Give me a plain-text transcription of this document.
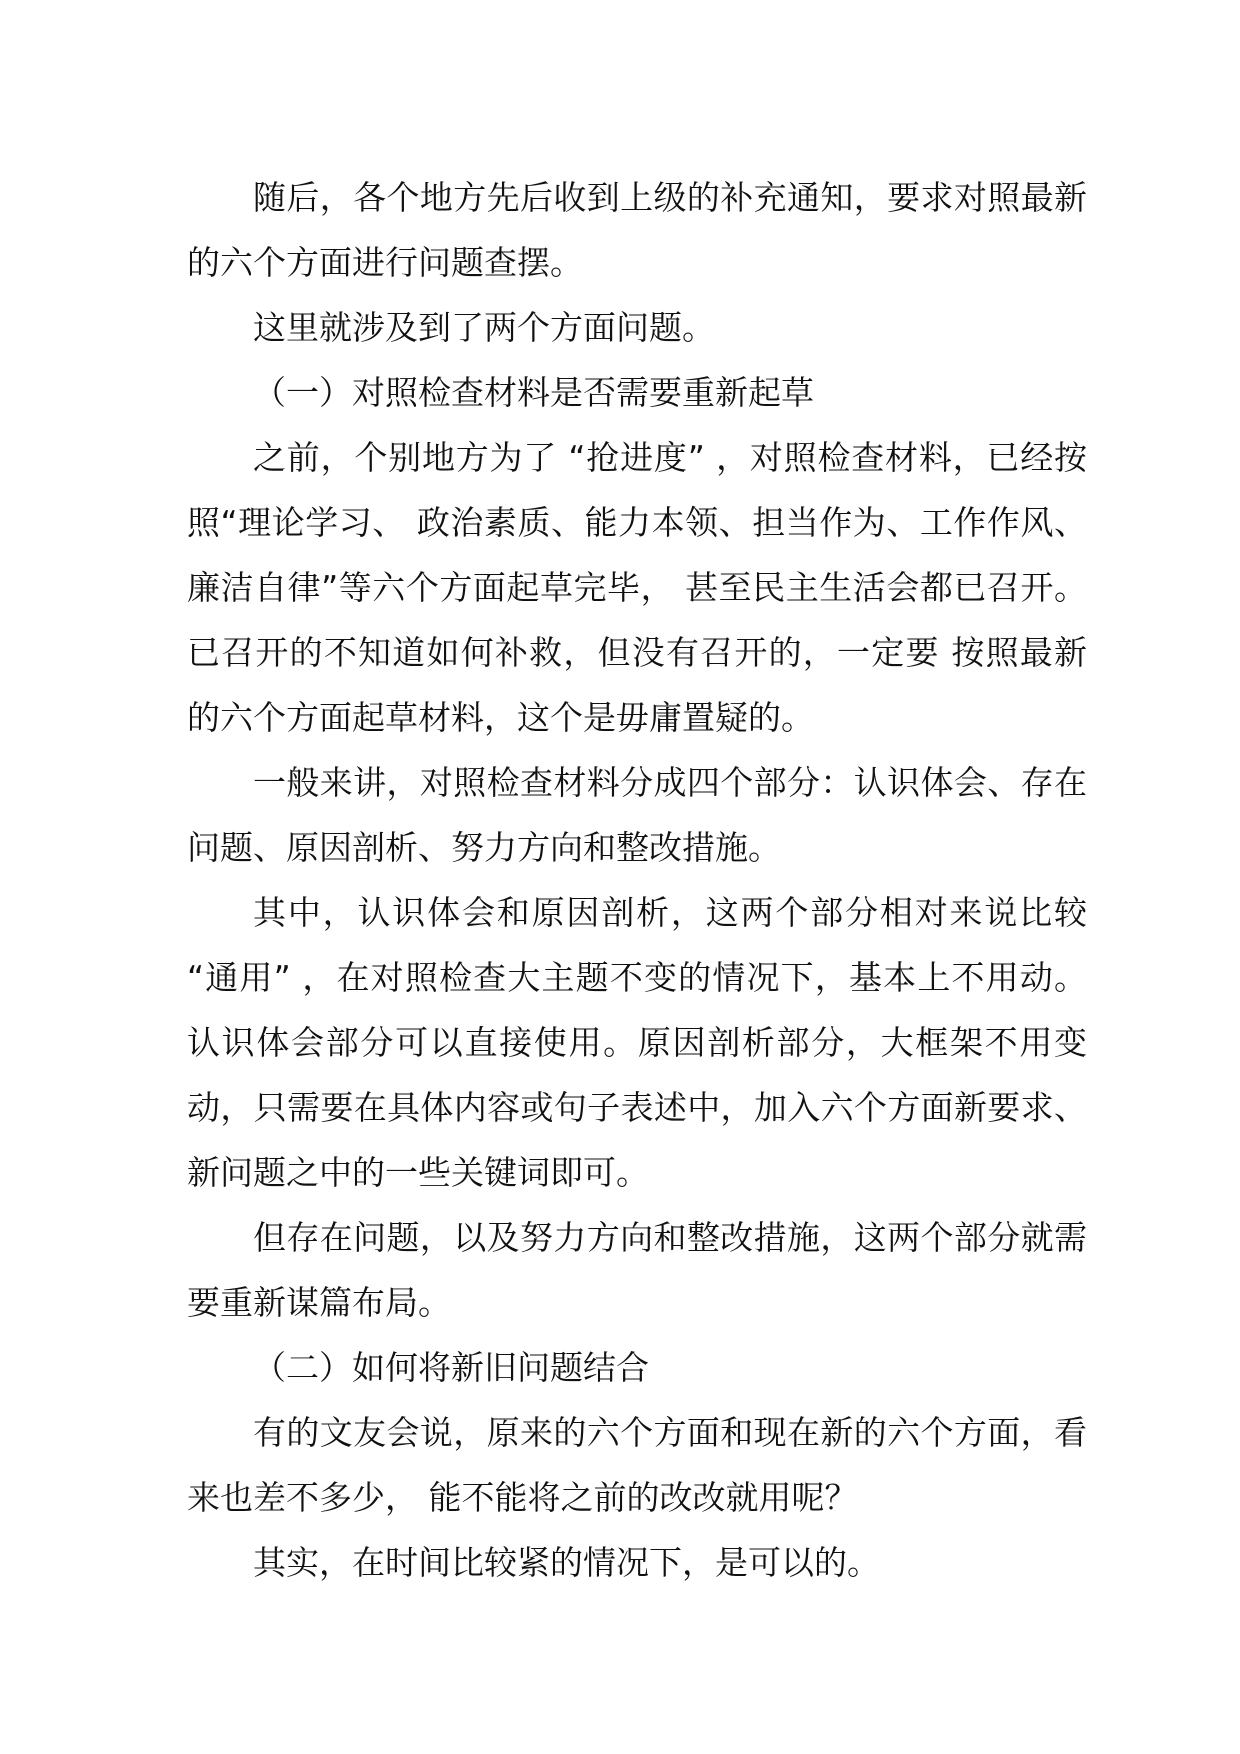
随后，各个地方先后收到上级的补充通知，要求对照最新的六个方面进行问题查摆。

这里就涉及到了两个方面问题。

（一）对照检查材料是否需要重新起草

之前，个别地方为了 “抢进度” ，对照检查材料，已经按照“理论学习、 政治素质、能力本领、担当作为、工作作风、廉洁自律”等六个方面起草完毕， 甚至民主生活会都已召开。已召开的不知道如何补救，但没有召开的，一定要 按照最新的六个方面起草材料，这个是毋庸置疑的。

一般来讲，对照检查材料分成四个部分：认识体会、存在问题、原因剖析、努力方向和整改措施。

其中，认识体会和原因剖析，这两个部分相对来说比较 “通用” ，在对照检查大主题不变的情况下，基本上不用动。认识体会部分可以直接使用。原因剖析部分，大框架不用变动，只需要在具体内容或句子表述中，加入六个方面新要求、新问题之中的一些关键词即可。

但存在问题，以及努力方向和整改措施，这两个部分就需要重新谋篇布局。

（二）如何将新旧问题结合

有的文友会说，原来的六个方面和现在新的六个方面，看来也差不多少， 能不能将之前的改改就用呢？

其实，在时间比较紧的情况下，是可以的。
